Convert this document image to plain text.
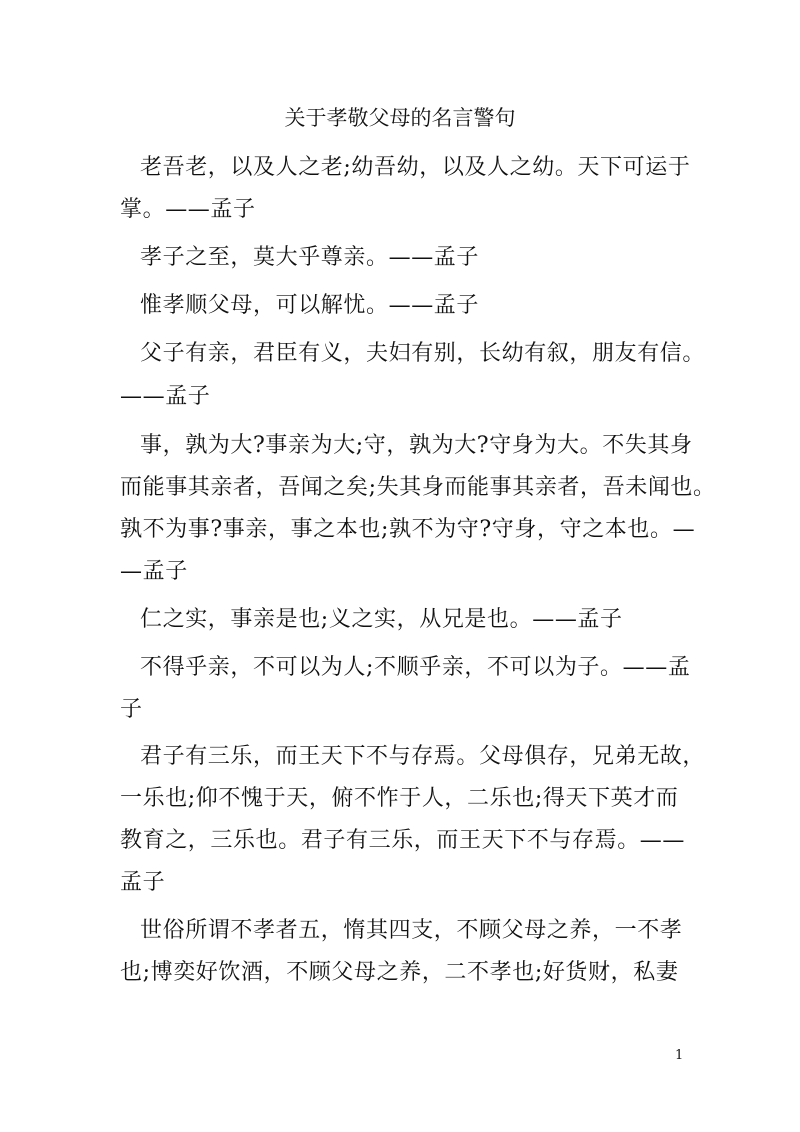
关于孝敬父母的名言警句
老吾老，以及人之老;幼吾幼，以及人之幼。天下可运于
掌。——孟子
孝子之至，莫大乎尊亲。——孟子
惟孝顺父母，可以解忧。——孟子
父子有亲，君臣有义，夫妇有别，长幼有叙，朋友有信。
——孟子
事，孰为大?事亲为大;守，孰为大?守身为大。不失其身
而能事其亲者，吾闻之矣;失其身而能事其亲者，吾未闻也。
孰不为事?事亲，事之本也;孰不为守?守身，守之本也。—
—孟子
仁之实，事亲是也;义之实，从兄是也。——孟子
不得乎亲，不可以为人;不顺乎亲，不可以为子。——孟
子
君子有三乐，而王天下不与存焉。父母俱存，兄弟无故，
一乐也;仰不愧于天，俯不怍于人，二乐也;得天下英才而
教育之，三乐也。君子有三乐，而王天下不与存焉。——
孟子
世俗所谓不孝者五，惰其四支，不顾父母之养，一不孝
也;博奕好饮酒，不顾父母之养，二不孝也;好货财，私妻
1
